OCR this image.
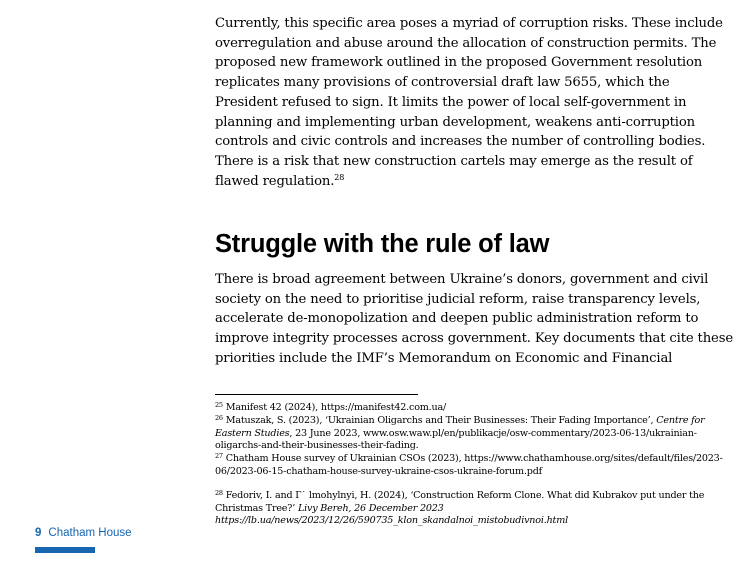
Currently, this specific area poses a myriad of corruption risks. These include overregulation and abuse around the allocation of construction permits. The proposed new framework outlined in the proposed Government resolution replicates many provisions of controversial draft law 5655, which the President refused to sign. It limits the power of local self-government in planning and implementing urban development, weakens anti-corruption controls and civic controls and increases the number of controlling bodies. There is a risk that new construction cartels may emerge as the result of flawed regulation.$^{28}$

Struggle with the rule of law

There is broad agreement between Ukraine’s donors, government and civil society on the need to prioritise judicial reform, raise transparency levels, accelerate de-monopolization and deepen public administration reform to improve integrity processes across government. Key documents that cite these priorities include the IMF’s Memorandum on Economic and Financial

$^{25}$ Manifest 42 (2024), https://manifest42.com.ua/

$^{26}$ Matuszak, S. (2023), ‘Ukrainian Oligarchs and Their Businesses: Their Fading Importance’, Centre for Eastern Studies, 23 June 2023, www.osw.waw.pl/en/publikacje/osw-commentary/2023-06-13/ukrainian-oligarchs-and-their-businesses-their-fading.

$^{27}$ Chatham House survey of Ukrainian CSOs (2023), https://www.chathamhouse.org/sites/default/files/2023-06/2023-06-15-chatham-house-survey-ukraine-csos-ukraine-forum.pdf

$^{28}$ Fedoriv, I. and Г˙ lmohylnyi, H. (2024), ‘Construction Reform Clone. What did Kubrakov put under the Christmas Tree?’ Livy Bereh, 26 December 2023 https://lb.ua/news/2023/12/26/590735_klon_skandalnoi_mistobudivnoi.html

9 Chatham House
